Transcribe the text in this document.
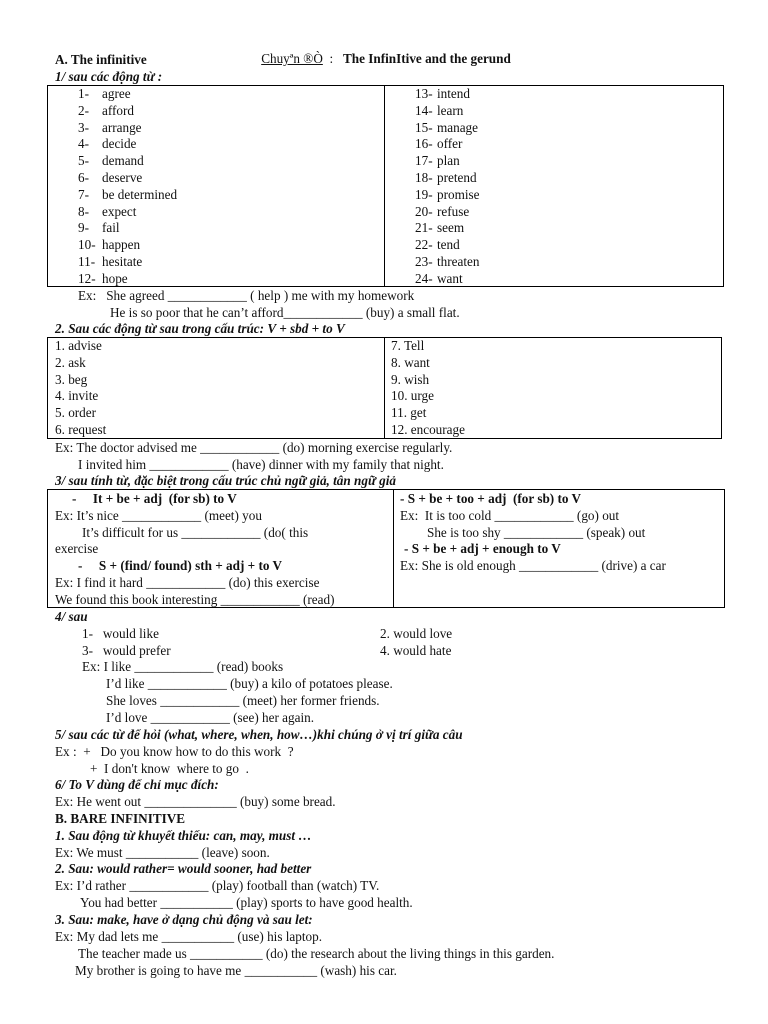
Chuyªn ®Ò : The InfinItive and the gerund

A. The infinitive
1/ sau các động từ :
1- agree
2- afford
3- arrange
4- decide
5- demand
6- deserve
7- be determined
8- expect
9- fail
10- happen
11- hesitate
12- hope
13- intend
14- learn
15- manage
16- offer
17- plan
18- pretend
19- promise
20- refuse
21- seem
22- tend
23- threaten
24- want
Ex:   She agreed ____________ ( help ) me with my homework
He is so poor that he can’t afford____________ (buy) a small flat.
2. Sau các động từ sau trong cấu trúc: V + sbd + to V
1. advise
2. ask
3. beg
4. invite
5. order
6. request
7. Tell
8. want
9. wish
10. urge
11. get
12. encourage
Ex: The doctor advised me ____________ (do) morning exercise regularly.
I invited him ____________ (have) dinner with my family that night.
3/ sau tính từ, đặc biệt trong cấu trúc chủ ngữ giả, tân ngữ giả
-     It + be + adj  (for sb) to V
Ex: It’s nice ____________ (meet) you
It’s difficult for us ____________ (do( this
exercise
-     S + (find/ found) sth + adj + to V
Ex: I find it hard ____________ (do) this exercise
We found this book interesting ____________ (read)
- S + be + too + adj  (for sb) to V
Ex:  It is too cold ____________ (go) out
She is too shy ____________ (speak) out
- S + be + adj + enough to V
Ex: She is old enough ____________ (drive) a car
4/ sau
1-   would like	2. would love
3-   would prefer	4. would hate
Ex: I like ____________ (read) books
I’d like ____________ (buy) a kilo of potatoes please.
She loves ____________ (meet) her former friends.
I’d love ____________ (see) her again.
5/ sau các từ để hỏi (what, where, when, how…)khi chúng ở vị trí giữa câu
Ex :  +   Do you know how to do this work  ?
+  I don't know  where to go  .
6/ To V dùng để chỉ mục đích:
Ex: He went out ______________ (buy) some bread.
B. BARE INFINITIVE
1. Sau động từ khuyết thiếu: can, may, must …
Ex: We must ___________ (leave) soon.
2. Sau: would rather= would sooner, had better
Ex: I’d rather ____________ (play) football than (watch) TV.
You had better ___________ (play) sports to have good health.
3. Sau: make, have ở dạng chủ động và sau let:
Ex: My dad lets me ___________ (use) his laptop.
The teacher made us ___________ (do) the research about the living things in this garden.
My brother is going to have me ___________ (wash) his car.
